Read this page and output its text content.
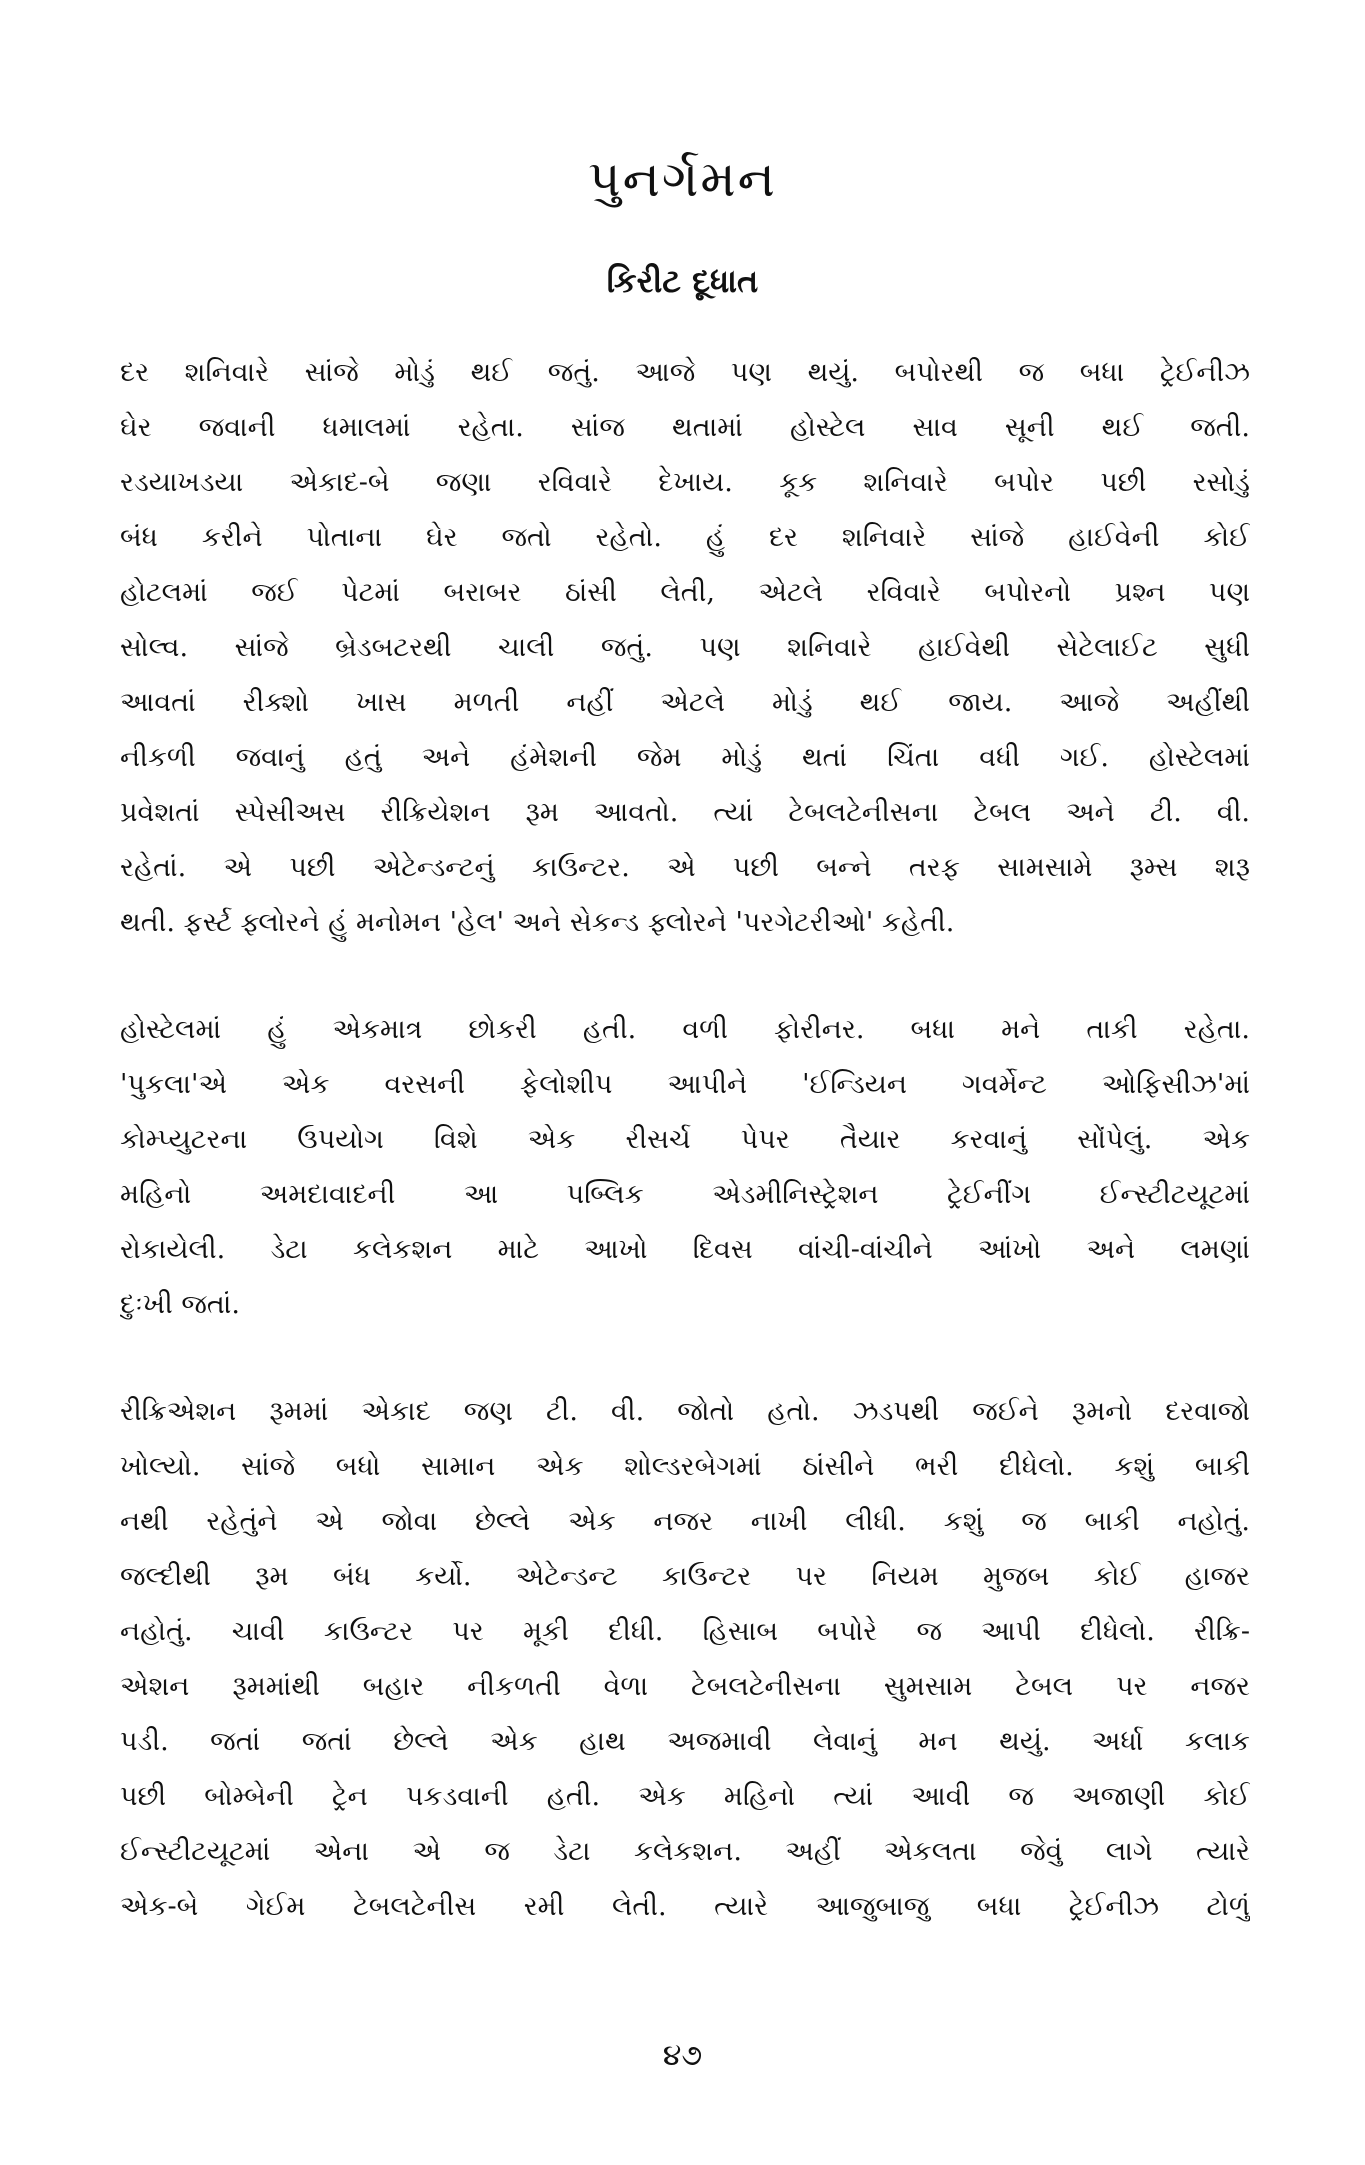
પુનર્ગમન
કિરીટ દૂધાત
દર શનિવારે સાંજે મોડું થઈ જતું. આજે પણ થયું. બપોરથી જ બધા ટ્રેઈનીઝ
ઘેર જવાની ધમાલમાં રહેતા. સાંજ થતામાં હોસ્ટેલ સાવ સૂની થઈ જતી.
રડયાખડયા એકાદ-બે જણા રવિવારે દેખાય. કૂક શનિવારે બપોર પછી રસોડું
બંધ કરીને પોતાના ઘેર જતો રહેતો. હું દર શનિવારે સાંજે હાઈવેની કોઈ
હોટલમાં જઈ પેટમાં બરાબર ઠાંસી લેતી, એટલે રવિવારે બપોરનો પ્રશ્ન પણ
સોલ્વ. સાંજે બ્રેડબટરથી ચાલી જતું. પણ શનિવારે હાઈવેથી સેટેલાઈટ સુધી
આવતાં રીક્શો ખાસ મળતી નહીં એટલે મોડું થઈ જાય. આજે અહીંથી
નીકળી જવાનું હતું અને હંમેશની જેમ મોડું થતાં ચિંતા વધી ગઈ. હોસ્ટેલમાં
પ્રવેશતાં સ્પેસીઅસ રીક્રિયેશન રૂમ આવતો. ત્યાં ટેબલટેનીસના ટેબલ અને ટી. વી.
રહેતાં. એ પછી એટેન્ડન્ટનું કાઉન્ટર. એ પછી બન્ને તરફ સામસામે રૂમ્સ શરૂ
થતી. ફર્સ્ટ ફ્લોરને હું મનોમન 'હેલ' અને સેકન્ડ ફ્લોરને 'પરગેટરીઓ' કહેતી.
હોસ્ટેલમાં હું એકમાત્ર છોકરી હતી. વળી ફોરીનર. બધા મને તાકી રહેતા.
'પુકલા'એ એક વરસની ફેલોશીપ આપીને 'ઈન્ડિયન ગવર્મેન્ટ ઓફિસીઝ'માં
કોમ્પ્યુટરના ઉપયોગ વિશે એક રીસર્ચ પેપર તૈયાર કરવાનું સોંપેલું. એક
મહિનો અમદાવાદની આ પબ્લિક એડમીનિસ્ટ્રેશન ટ્રેઈનીંગ ઈન્સ્ટીટયૂટમાં
રોકાયેલી. ડેટા કલેકશન માટે આખો દિવસ વાંચી-વાંચીને આંખો અને લમણાં
દુઃખી જતાં.
રીક્રિએશન રૂમમાં એકાદ જણ ટી. વી. જોતો હતો. ઝડપથી જઈને રૂમનો દરવાજો
ખોલ્યો. સાંજે બધો સામાન એક શોલ્ડરબેગમાં ઠાંસીને ભરી દીધેલો. કશું બાકી
નથી રહેતુંને એ જોવા છેલ્લે એક નજર નાખી લીધી. કશું જ બાકી નહોતું.
જલ્દીથી રૂમ બંધ કર્યો. એટેન્ડન્ટ કાઉન્ટર પર નિયમ મુજબ કોઈ હાજર
નહોતું. ચાવી કાઉન્ટર પર મૂકી દીધી. હિસાબ બપોરે જ આપી દીધેલો. રીક્રિ-
એશન રૂમમાંથી બહાર નીકળતી વેળા ટેબલટેનીસના સુમસામ ટેબલ પર નજર
પડી. જતાં જતાં છેલ્લે એક હાથ અજમાવી લેવાનું મન થયું. અર્ધા કલાક
પછી બોમ્બેની ટ્રેન પકડવાની હતી. એક મહિનો ત્યાં આવી જ અજાણી કોઈ
ઈન્સ્ટીટયૂટમાં એના એ જ ડેટા કલેકશન. અહીં એકલતા જેવું લાગે ત્યારે
એક-બે ગેઈમ ટેબલટેનીસ રમી લેતી. ત્યારે આજુબાજુ બધા ટ્રેઈનીઝ ટોળું
૪૭
